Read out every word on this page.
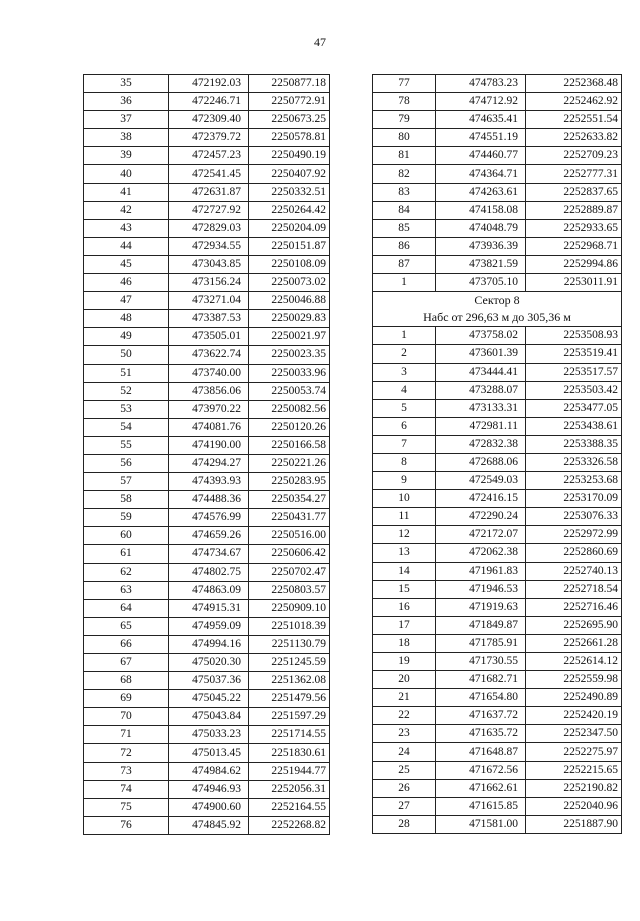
47
35	472192.03	2250877.18
36	472246.71	2250772.91
37	472309.40	2250673.25
38	472379.72	2250578.81
39	472457.23	2250490.19
40	472541.45	2250407.92
41	472631.87	2250332.51
42	472727.92	2250264.42
43	472829.03	2250204.09
44	472934.55	2250151.87
45	473043.85	2250108.09
46	473156.24	2250073.02
47	473271.04	2250046.88
48	473387.53	2250029.83
49	473505.01	2250021.97
50	473622.74	2250023.35
51	473740.00	2250033.96
52	473856.06	2250053.74
53	473970.22	2250082.56
54	474081.76	2250120.26
55	474190.00	2250166.58
56	474294.27	2250221.26
57	474393.93	2250283.95
58	474488.36	2250354.27
59	474576.99	2250431.77
60	474659.26	2250516.00
61	474734.67	2250606.42
62	474802.75	2250702.47
63	474863.09	2250803.57
64	474915.31	2250909.10
65	474959.09	2251018.39
66	474994.16	2251130.79
67	475020.30	2251245.59
68	475037.36	2251362.08
69	475045.22	2251479.56
70	475043.84	2251597.29
71	475033.23	2251714.55
72	475013.45	2251830.61
73	474984.62	2251944.77
74	474946.93	2252056.31
75	474900.60	2252164.55
76	474845.92	2252268.82
77	474783.23	2252368.48
78	474712.92	2252462.92
79	474635.41	2252551.54
80	474551.19	2252633.82
81	474460.77	2252709.23
82	474364.71	2252777.31
83	474263.61	2252837.65
84	474158.08	2252889.87
85	474048.79	2252933.65
86	473936.39	2252968.71
87	473821.59	2252994.86
1	473705.10	2253011.91
Сектор 8		
Набс от 296,63 м до 305,36 м		
1	473758.02	2253508.93
2	473601.39	2253519.41
3	473444.41	2253517.57
4	473288.07	2253503.42
5	473133.31	2253477.05
6	472981.11	2253438.61
7	472832.38	2253388.35
8	472688.06	2253326.58
9	472549.03	2253253.68
10	472416.15	2253170.09
11	472290.24	2253076.33
12	472172.07	2252972.99
13	472062.38	2252860.69
14	471961.83	2252740.13
15	471946.53	2252718.54
16	471919.63	2252716.46
17	471849.87	2252695.90
18	471785.91	2252661.28
19	471730.55	2252614.12
20	471682.71	2252559.98
21	471654.80	2252490.89
22	471637.72	2252420.19
23	471635.72	2252347.50
24	471648.87	2252275.97
25	471672.56	2252215.65
26	471662.61	2252190.82
27	471615.85	2252040.96
28	471581.00	2251887.90
